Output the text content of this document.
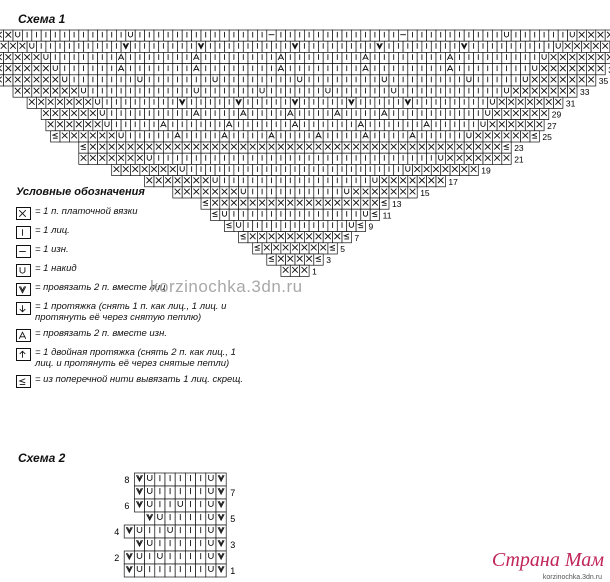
Схема 1
35
33
31
29
27
25
23
21
19
17
15
13
11
9
7
5
3
1
Условные обозначения
= 1 п. платочной вязки
= 1 лиц.
= 1 изн.
= 1 накид
= провязать 2 п. вместе лиц.
= 1 протяжка (снять 1 п. как лиц., 1 лиц. и протянуть её через снятую петлю)
= провязать 2 п. вместе изн.
= 1 двойная протяжка (снять 2 п. как лиц., 1 лиц. и протянуть её через снятые петли)
= из поперечной нити вывязать 1 лиц. скрещ.
korzinochka.3dn.ru
Схема 2
8
7
6
5
4
3
2
1	Страна Мам
korzinochka.3dn.ru
